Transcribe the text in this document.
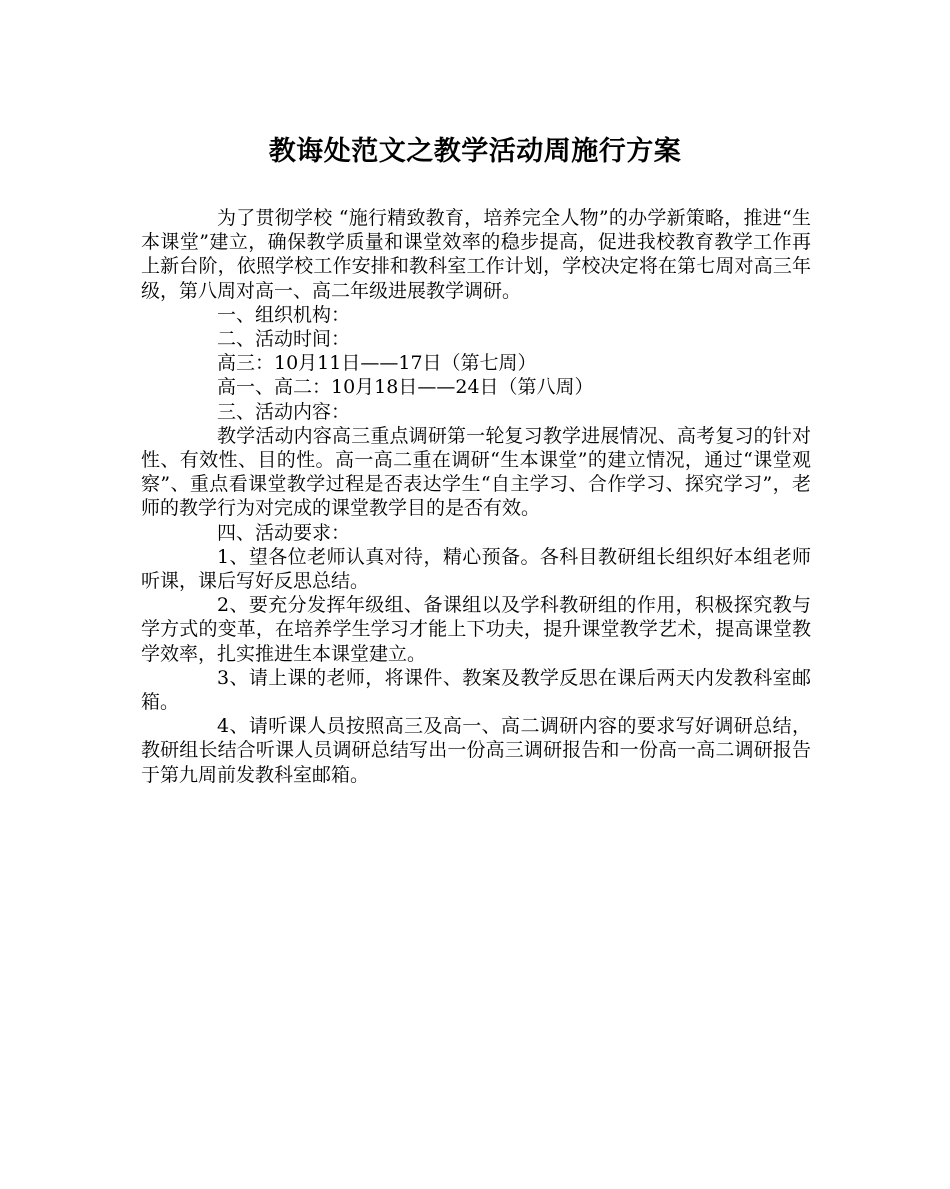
教诲处范文之教学活动周施行方案

为了贯彻学校 “施行精致教育，培养完全人物”的办学新策略，推进“生本课堂”建立，确保教学质量和课堂效率的稳步提高，促进我校教育教学工作再上新台阶，依照学校工作安排和教科室工作计划，学校决定将在第七周对高三年级，第八周对高一、高二年级进展教学调研。

一、组织机构：

二、活动时间：

高三：10月11日——17日（第七周）

高一、高二：10月18日——24日（第八周）

三、活动内容：

教学活动内容高三重点调研第一轮复习教学进展情况、高考复习的针对性、有效性、目的性。高一高二重在调研“生本课堂”的建立情况，通过“课堂观察”、重点看课堂教学过程是否表达学生“自主学习、合作学习、探究学习”，老师的教学行为对完成的课堂教学目的是否有效。

四、活动要求：

1、望各位老师认真对待，精心预备。各科目教研组长组织好本组老师听课，课后写好反思总结。

2、要充分发挥年级组、备课组以及学科教研组的作用，积极探究教与学方式的变革，在培养学生学习才能上下功夫，提升课堂教学艺术，提高课堂教学效率，扎实推进生本课堂建立。

3、请上课的老师，将课件、教案及教学反思在课后两天内发教科室邮箱。

4、请听课人员按照高三及高一、高二调研内容的要求写好调研总结，教研组长结合听课人员调研总结写出一份高三调研报告和一份高一高二调研报告于第九周前发教科室邮箱。
